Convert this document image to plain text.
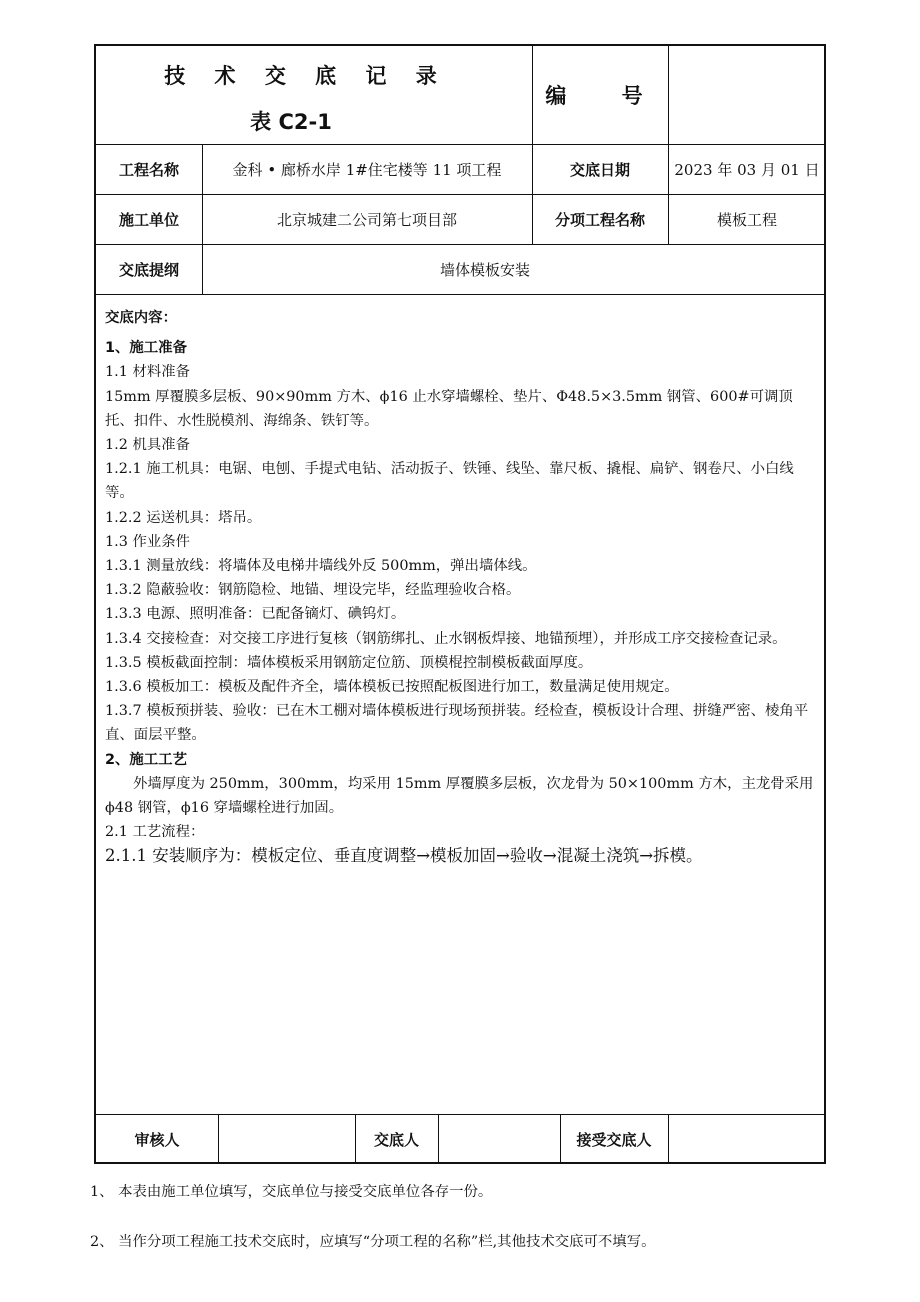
技 术 交 底 记 录
表 C2-1
编 号
工程名称	金科 • 廊桥水岸 1#住宅楼等 11 项工程	交底日期	2023 年 03 月 01 日
施工单位	北京城建二公司第七项目部	分项工程名称	模板工程
交底提纲	墙体模板安装

交底内容：

1、施工准备

1.1 材料准备

15mm 厚覆膜多层板、90×90mm 方木、ϕ16 止水穿墙螺栓、垫片、Φ48.5×3.5mm 钢管、600#可调顶托、扣件、水性脱模剂、海绵条、铁钉等。

1.2 机具准备

1.2.1 施工机具：电锯、电刨、手提式电钻、活动扳子、铁锤、线坠、靠尺板、撬棍、扁铲、钢卷尺、小白线等。

1.2.2 运送机具：塔吊。

1.3 作业条件

1.3.1 测量放线：将墙体及电梯井墙线外反 500mm，弹出墙体线。

1.3.2 隐蔽验收：钢筋隐检、地锚、埋设完毕，经监理验收合格。

1.3.3 电源、照明准备：已配备镝灯、碘钨灯。

1.3.4 交接检查：对交接工序进行复核（钢筋绑扎、止水钢板焊接、地锚预埋），并形成工序交接检查记录。

1.3.5 模板截面控制：墙体模板采用钢筋定位筋、顶模棍控制模板截面厚度。

1.3.6 模板加工：模板及配件齐全，墙体模板已按照配板图进行加工，数量满足使用规定。

1.3.7 模板预拼装、验收：已在木工棚对墙体模板进行现场预拼装。经检查，模板设计合理、拼缝严密、棱角平直、面层平整。

2、施工工艺

外墙厚度为 250mm，300mm，均采用 15mm 厚覆膜多层板，次龙骨为 50×100mm 方木，主龙骨采用 ϕ48 钢管，ϕ16 穿墙螺栓进行加固。

2.1 工艺流程：

2.1.1 安装顺序为：模板定位、垂直度调整→模板加固→验收→混凝土浇筑→拆模。

审核人	交底人	接受交底人
1、 本表由施工单位填写，交底单位与接受交底单位各存一份。
2、 当作分项工程施工技术交底时，应填写“分项工程的名称”栏,其他技术交底可不填写。
